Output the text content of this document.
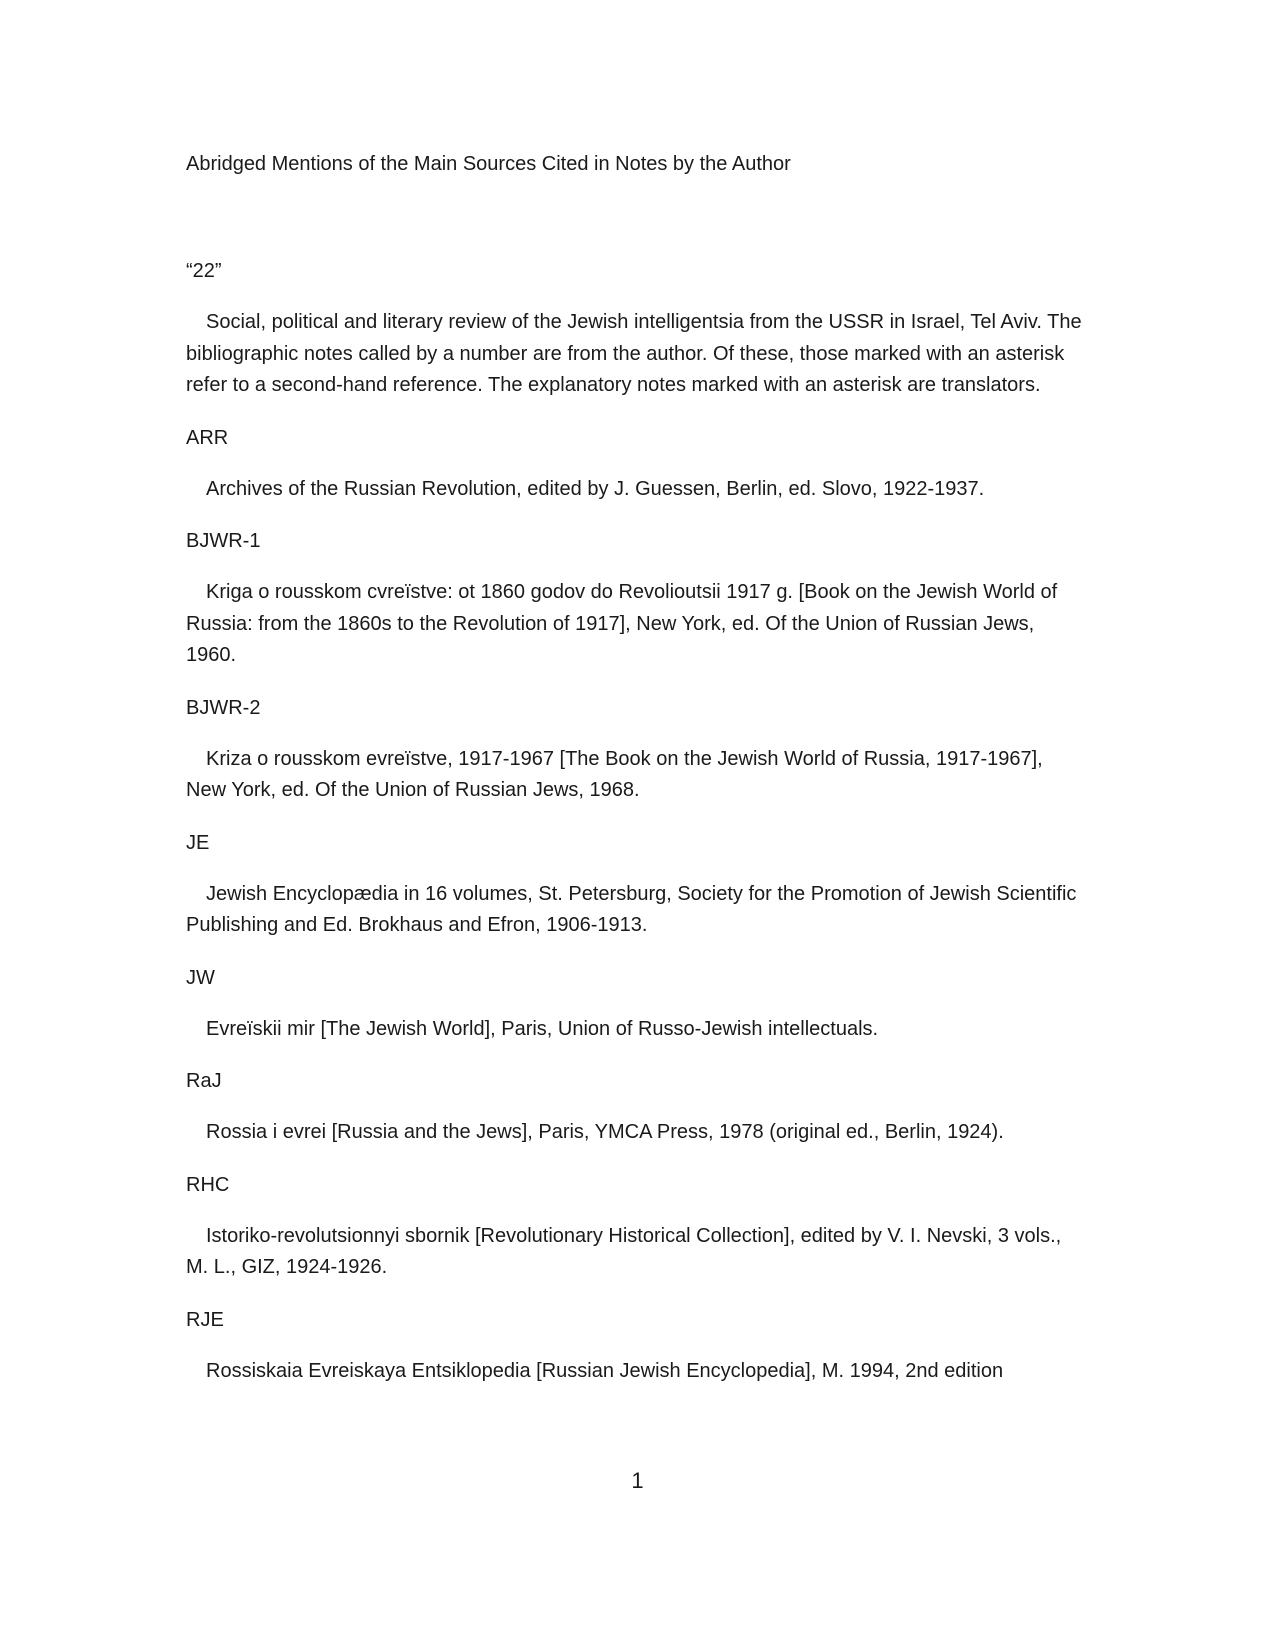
Abridged Mentions of the Main Sources Cited in Notes by the Author
“22”
Social, political and literary review of the Jewish intelligentsia from the USSR in Israel, Tel Aviv. The bibliographic notes called by a number are from the author. Of these, those marked with an asterisk refer to a second-hand reference. The explanatory notes marked with an asterisk are translators.
ARR
Archives of the Russian Revolution, edited by J. Guessen, Berlin, ed. Slovo, 1922-1937.
BJWR-1
Kriga o rousskom cvreïstve: ot 1860 godov do Revolioutsii 1917 g. [Book on the Jewish World of Russia: from the 1860s to the Revolution of 1917], New York, ed. Of the Union of Russian Jews, 1960.
BJWR-2
Kriza o rousskom evreïstve, 1917-1967 [The Book on the Jewish World of Russia, 1917-1967], New York, ed. Of the Union of Russian Jews, 1968.
JE
Jewish Encyclopædia in 16 volumes, St. Petersburg, Society for the Promotion of Jewish Scientific Publishing and Ed. Brokhaus and Efron, 1906-1913.
JW
Evreïskii mir [The Jewish World], Paris, Union of Russo-Jewish intellectuals.
RaJ
Rossia i evrei [Russia and the Jews], Paris, YMCA Press, 1978 (original ed., Berlin, 1924).
RHC
Istoriko-revolutsionnyi sbornik [Revolutionary Historical Collection], edited by V. I. Nevski, 3 vols., M. L., GIZ, 1924-1926.
RJE
Rossiskaia Evreiskaya Entsiklopedia [Russian Jewish Encyclopedia], M. 1994, 2nd edition
1
